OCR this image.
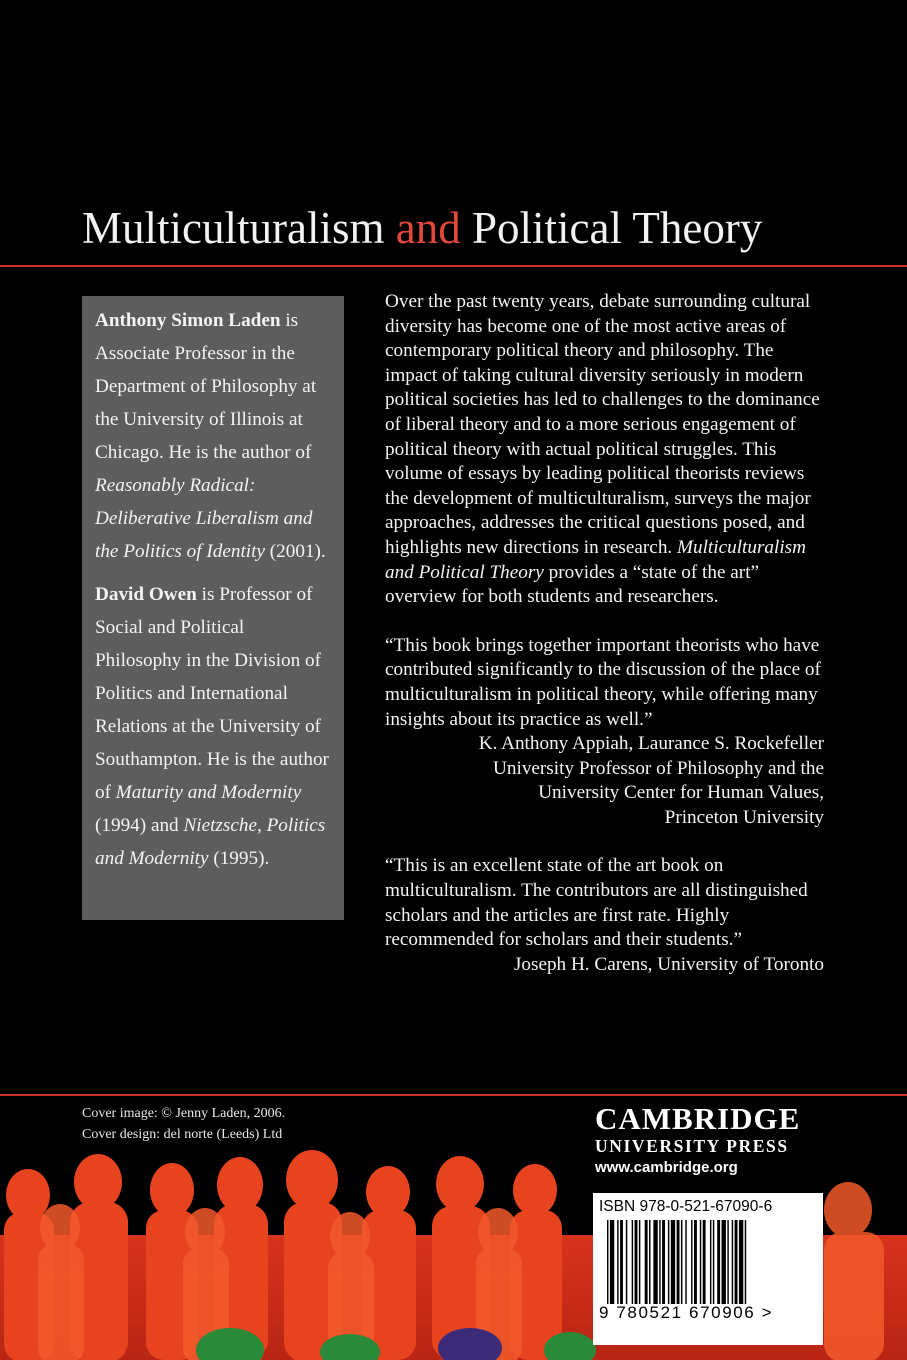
Multiculturalism and Political Theory

Anthony Simon Laden is Associate Professor in the Department of Philosophy at the University of Illinois at Chicago. He is the author of Reasonably Radical: Deliberative Liberalism and the Politics of Identity (2001).

David Owen is Professor of Social and Political Philosophy in the Division of Politics and International Relations at the University of Southampton. He is the author of Maturity and Modernity (1994) and Nietzsche, Politics and Modernity (1995).

Over the past twenty years, debate surrounding cultural diversity has become one of the most active areas of contemporary political theory and philosophy. The impact of taking cultural diversity seriously in modern political societies has led to challenges to the dominance of liberal theory and to a more serious engagement of political theory with actual political struggles. This volume of essays by leading political theorists reviews the development of multiculturalism, surveys the major approaches, addresses the critical questions posed, and highlights new directions in research. Multiculturalism and Political Theory provides a “state of the art” overview for both students and researchers.

“This book brings together important theorists who have contributed significantly to the discussion of the place of multiculturalism in political theory, while offering many insights about its practice as well.”

K. Anthony Appiah, Laurance S. Rockefeller
University Professor of Philosophy and the
University Center for Human Values,
Princeton University

“This is an excellent state of the art book on multiculturalism. The contributors are all distinguished scholars and the articles are first rate. Highly recommended for scholars and their students.”

Joseph H. Carens, University of Toronto
Cover image: © Jenny Laden, 2006.
Cover design: del norte (Leeds) Ltd	CAMBRIDGE
UNIVERSITY PRESS
www.cambridge.org
ISBN 978-0-521-67090-6
9 780521 670906 >
